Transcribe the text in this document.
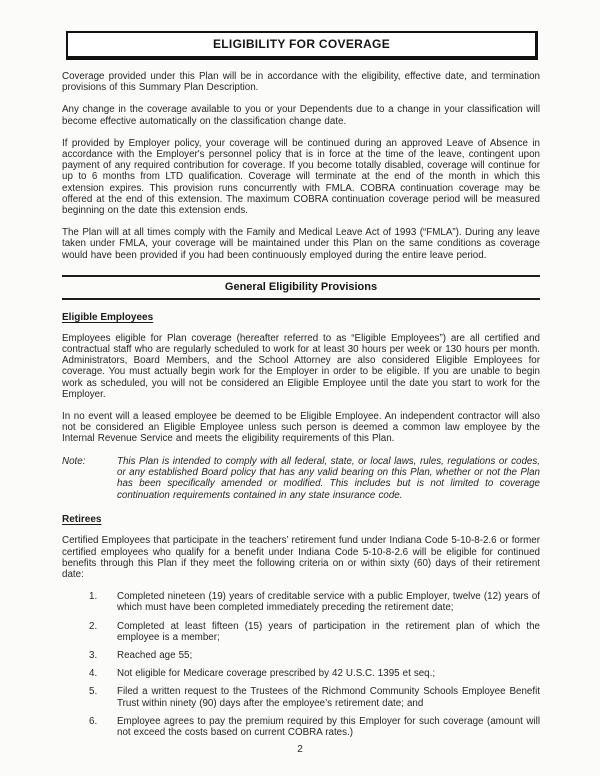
ELIGIBILITY FOR COVERAGE

Coverage provided under this Plan will be in accordance with the eligibility, effective date, and termination provisions of this Summary Plan Description.

Any change in the coverage available to you or your Dependents due to a change in your classification will become effective automatically on the classification change date.

If provided by Employer policy, your coverage will be continued during an approved Leave of Absence in accordance with the Employer's personnel policy that is in force at the time of the leave, contingent upon payment of any required contribution for coverage. If you become totally disabled, coverage will continue for up to 6 months from LTD qualification. Coverage will terminate at the end of the month in which this extension expires. This provision runs concurrently with FMLA. COBRA continuation coverage may be offered at the end of this extension. The maximum COBRA continuation coverage period will be measured beginning on the date this extension ends.

The Plan will at all times comply with the Family and Medical Leave Act of 1993 (“FMLA”). During any leave taken under FMLA, your coverage will be maintained under this Plan on the same conditions as coverage would have been provided if you had been continuously employed during the entire leave period.

General Eligibility Provisions
Eligible Employees

Employees eligible for Plan coverage (hereafter referred to as “Eligible Employees”) are all certified and contractual staff who are regularly scheduled to work for at least 30 hours per week or 130 hours per month. Administrators, Board Members, and the School Attorney are also considered Eligible Employees for coverage. You must actually begin work for the Employer in order to be eligible. If you are unable to begin work as scheduled, you will not be considered an Eligible Employee until the date you start to work for the Employer.

In no event will a leased employee be deemed to be Eligible Employee. An independent contractor will also not be considered an Eligible Employee unless such person is deemed a common law employee by the Internal Revenue Service and meets the eligibility requirements of this Plan.

Note:	This Plan is intended to comply with all federal, state, or local laws, rules, regulations or codes, or any established Board policy that has any valid bearing on this Plan, whether or not the Plan has been specifically amended or modified. This includes but is not limited to coverage continuation requirements contained in any state insurance code.
Retirees

Certified Employees that participate in the teachers’ retirement fund under Indiana Code 5-10-8-2.6 or former certified employees who qualify for a benefit under Indiana Code 5-10-8-2.6 will be eligible for continued benefits through this Plan if they meet the following criteria on or within sixty (60) days of their retirement date:

1.	Completed nineteen (19) years of creditable service with a public Employer, twelve (12) years of which must have been completed immediately preceding the retirement date;
2.	Completed at least fifteen (15) years of participation in the retirement plan of which the employee is a member;
3.	Reached age 55;
4.	Not eligible for Medicare coverage prescribed by 42 U.S.C. 1395 et seq.;
5.	Filed a written request to the Trustees of the Richmond Community Schools Employee Benefit Trust within ninety (90) days after the employee’s retirement date; and
6.	Employee agrees to pay the premium required by this Employer for such coverage (amount will not exceed the costs based on current COBRA rates.)
2
